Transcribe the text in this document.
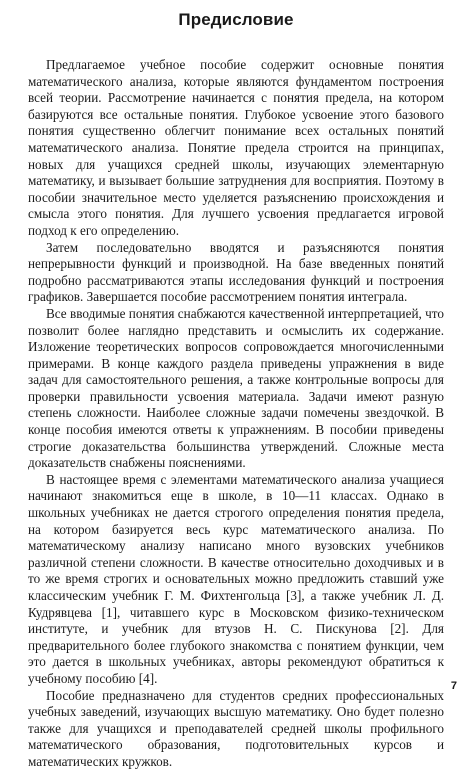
Предисловие

Предлагаемое учебное пособие содержит основные понятия математического анализа, которые являются фундаментом построения всей теории. Рассмотрение начинается с понятия предела, на котором базируются все остальные понятия. Глубокое усвоение этого базового понятия существенно облегчит понимание всех остальных понятий математического анализа. Понятие предела строится на принципах, новых для учащихся средней школы, изучающих элементарную математику, и вызывает большие затруднения для восприятия. Поэтому в пособии значительное место уделяется разъяснению происхождения и смысла этого понятия. Для лучшего усвоения предлагается игровой подход к его определению.

Затем последовательно вводятся и разъясняются понятия непрерывности функций и производной. На базе введенных понятий подробно рассматриваются этапы исследования функций и построения графиков. Завершается пособие рассмотрением понятия интеграла.

Все вводимые понятия снабжаются качественной интерпретацией, что позволит более наглядно представить и осмыслить их содержание. Изложение теоретических вопросов сопровождается многочисленными примерами. В конце каждого раздела приведены упражнения в виде задач для самостоятельного решения, а также контрольные вопросы для проверки правильности усвоения материала. Задачи имеют разную степень сложности. Наиболее сложные задачи помечены звездочкой. В конце пособия имеются ответы к упражнениям. В пособии приведены строгие доказательства большинства утверждений. Сложные места доказательств снабжены пояснениями.

В настоящее время с элементами математического анализа учащиеся начинают знакомиться еще в школе, в 10—11 классах. Однако в школьных учебниках не дается строгого определения понятия предела, на котором базируется весь курс математического анализа. По математическому анализу написано много вузовских учебников различной степени сложности. В качестве относительно доходчивых и в то же время строгих и основательных можно предложить ставший уже классическим учебник Г. М. Фихтенгольца [3], а также учебник Л. Д. Кудрявцева [1], читавшего курс в Московском физико-техническом институте, и учебник для втузов Н. С. Пискунова [2]. Для предварительного более глубокого знакомства с понятием функции, чем это дается в школьных учебниках, авторы рекомендуют обратиться к учебному пособию [4].

Пособие предназначено для студентов средних профессиональных учебных заведений, изучающих высшую математику. Оно будет полезно также для учащихся и преподавателей средней школы профильного математического образования, подготовительных курсов и математических кружков.

7
